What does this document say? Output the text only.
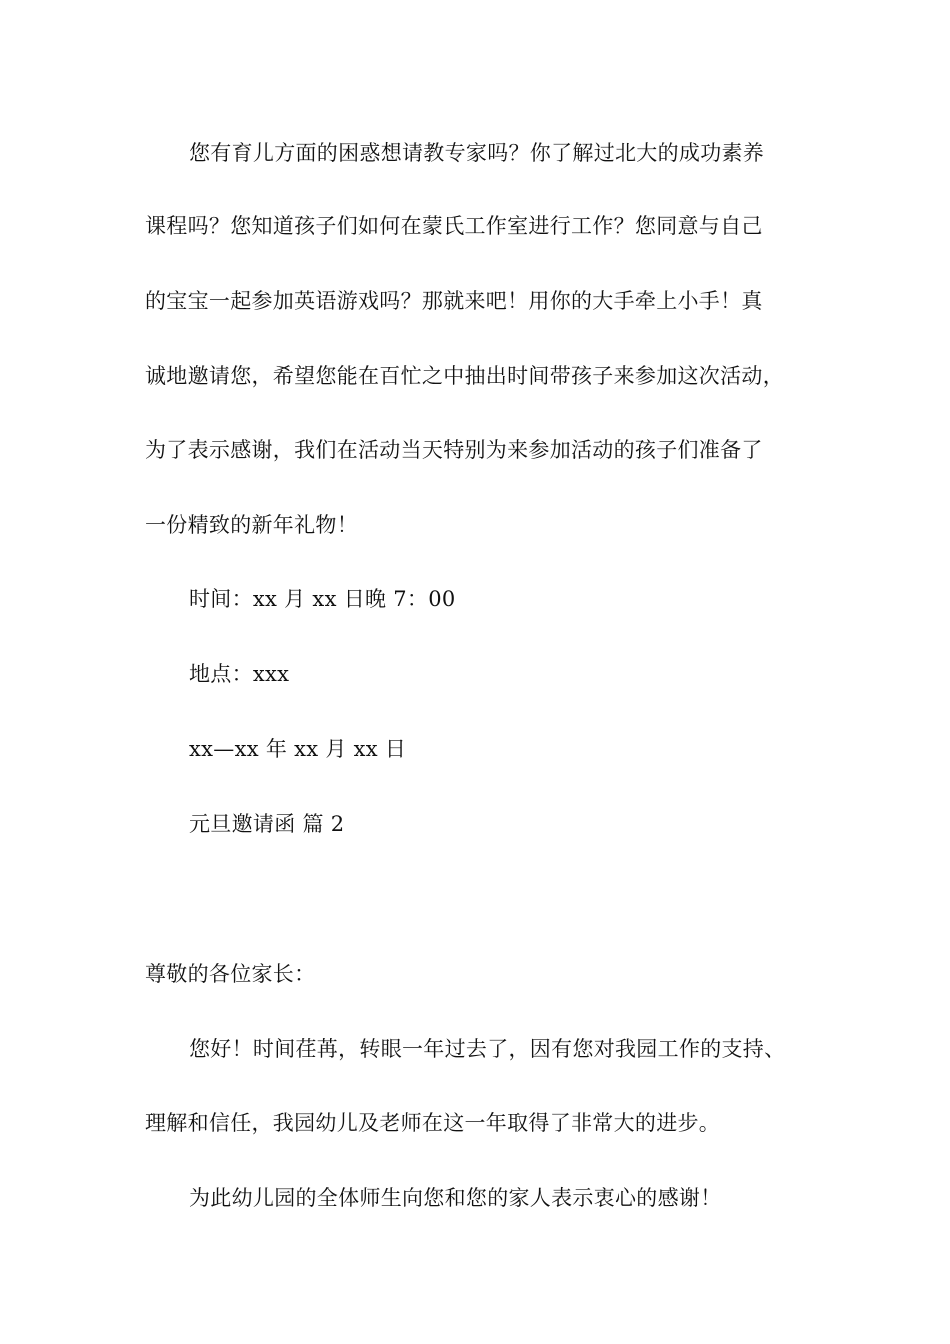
您有育儿方面的困惑想请教专家吗？你了解过北大的成功素养
课程吗？您知道孩子们如何在蒙氏工作室进行工作？您同意与自己
的宝宝一起参加英语游戏吗？那就来吧！用你的大手牵上小手！真
诚地邀请您，希望您能在百忙之中抽出时间带孩子来参加这次活动，
为了表示感谢，我们在活动当天特别为来参加活动的孩子们准备了
一份精致的新年礼物！
时间：xx 月 xx 日晚 7：00
地点：xxx
xx—xx 年 xx 月 xx 日
元旦邀请函 篇 2
尊敬的各位家长：
您好！时间荏苒，转眼一年过去了，因有您对我园工作的支持、
理解和信任，我园幼儿及老师在这一年取得了非常大的进步。
为此幼儿园的全体师生向您和您的家人表示衷心的感谢！
